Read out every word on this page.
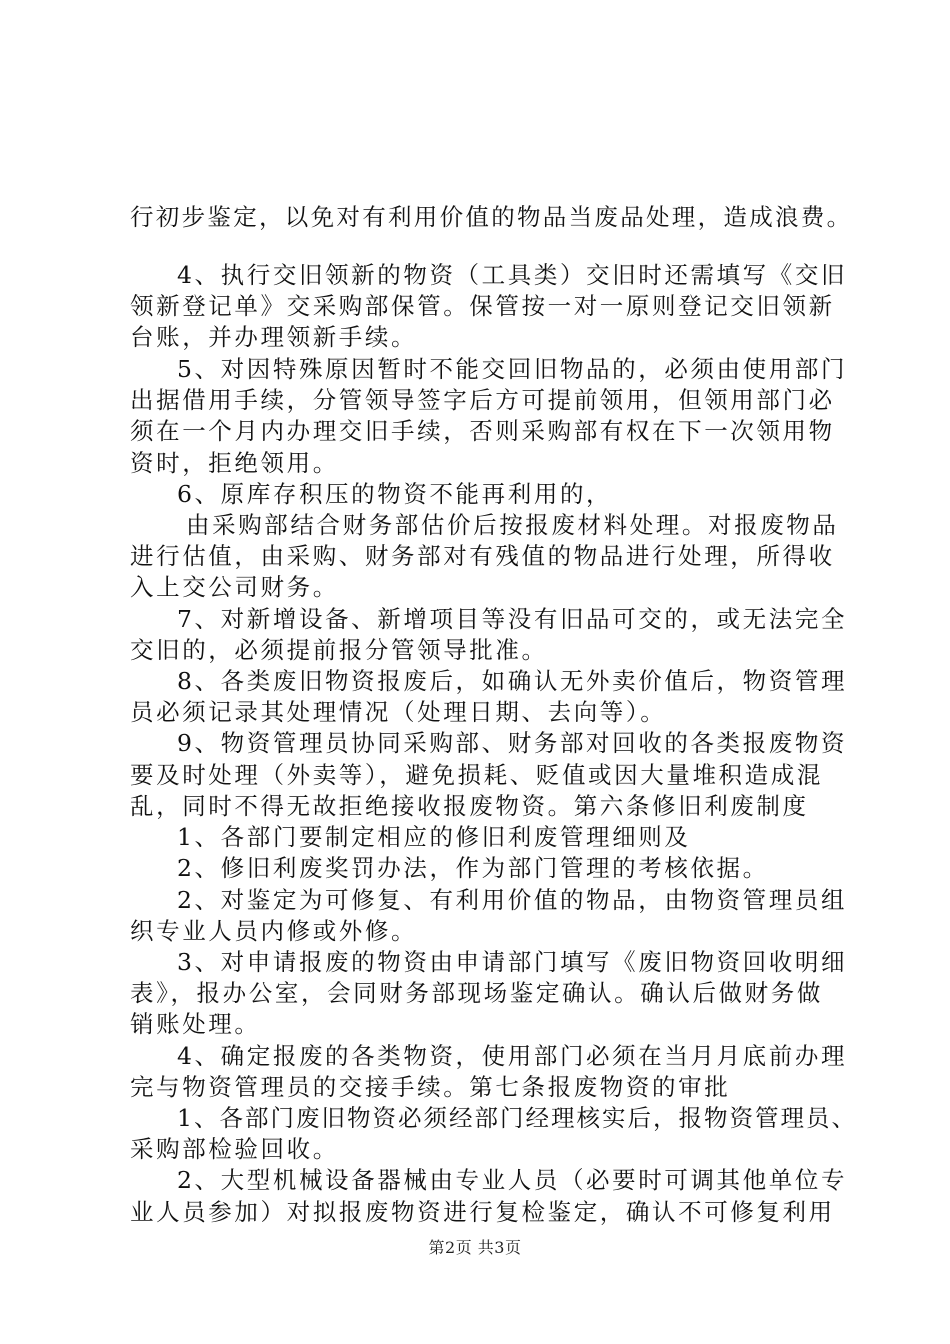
行初步鉴定，以免对有利用价值的物品当废品处理，造成浪费。

4、执行交旧领新的物资（工具类）交旧时还需填写《交旧

领新登记单》交采购部保管。保管按一对一原则登记交旧领新

台账，并办理领新手续。

5、对因特殊原因暂时不能交回旧物品的，必须由使用部门

出据借用手续，分管领导签字后方可提前领用，但领用部门必

须在一个月内办理交旧手续，否则采购部有权在下一次领用物

资时，拒绝领用。

6、原库存积压的物资不能再利用的，

由采购部结合财务部估价后按报废材料处理。对报废物品

进行估值，由采购、财务部对有残值的物品进行处理，所得收

入上交公司财务。

7、对新增设备、新增项目等没有旧品可交的，或无法完全

交旧的，必须提前报分管领导批准。

8、各类废旧物资报废后，如确认无外卖价值后，物资管理

员必须记录其处理情况（处理日期、去向等）。

9、物资管理员协同采购部、财务部对回收的各类报废物资

要及时处理（外卖等），避免损耗、贬值或因大量堆积造成混

乱，同时不得无故拒绝接收报废物资。第六条修旧利废制度

1、各部门要制定相应的修旧利废管理细则及

2、修旧利废奖罚办法，作为部门管理的考核依据。

2、对鉴定为可修复、有利用价值的物品，由物资管理员组

织专业人员内修或外修。

3、对申请报废的物资由申请部门填写《废旧物资回收明细

表》，报办公室，会同财务部现场鉴定确认。确认后做财务做

销账处理。

4、确定报废的各类物资，使用部门必须在当月月底前办理

完与物资管理员的交接手续。第七条报废物资的审批

1、各部门废旧物资必须经部门经理核实后，报物资管理员、

采购部检验回收。

2、大型机械设备器械由专业人员（必要时可调其他单位专

业人员参加）对拟报废物资进行复检鉴定，确认不可修复利用

第2页 共3页
